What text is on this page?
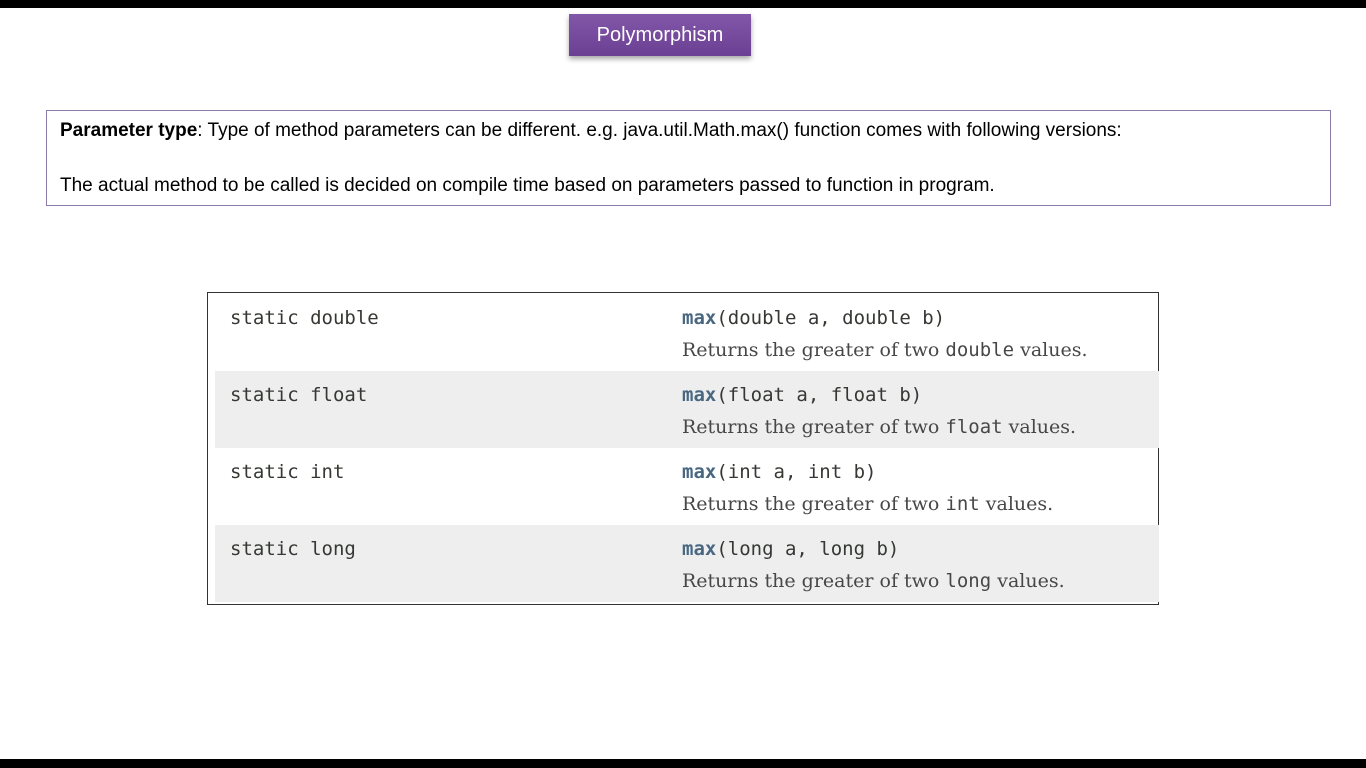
Polymorphism
Parameter type: Type of method parameters can be different. e.g. java.util.Math.max() function comes with following versions:
The actual method to be called is decided on compile time based on parameters passed to function in program.
static double	max(double a, double b)
Returns the greater of two double values.
static float	max(float a, float b)
Returns the greater of two float values.
static int	max(int a, int b)
Returns the greater of two int values.
static long	max(long a, long b)
Returns the greater of two long values.
